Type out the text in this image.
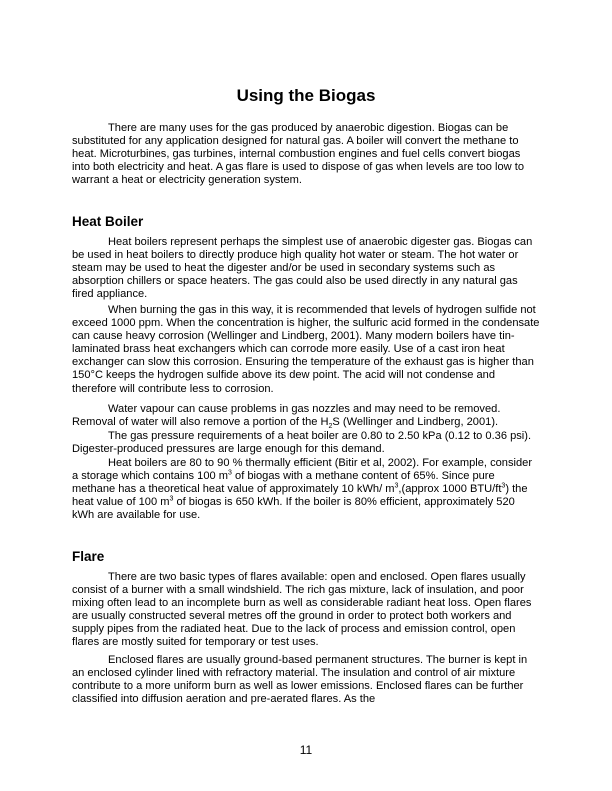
Using the Biogas

There are many uses for the gas produced by anaerobic digestion. Biogas can be substituted for any application designed for natural gas. A boiler will convert the methane to heat. Microturbines, gas turbines, internal combustion engines and fuel cells convert biogas into both electricity and heat. A gas flare is used to dispose of gas when levels are too low to warrant a heat or electricity generation system.

Heat Boiler

Heat boilers represent perhaps the simplest use of anaerobic digester gas. Biogas can be used in heat boilers to directly produce high quality hot water or steam. The hot water or steam may be used to heat the digester and/or be used in secondary systems such as absorption chillers or space heaters. The gas could also be used directly in any natural gas fired appliance.

When burning the gas in this way, it is recommended that levels of hydrogen sulfide not exceed 1000 ppm. When the concentration is higher, the sulfuric acid formed in the condensate can cause heavy corrosion (Wellinger and Lindberg, 2001). Many modern boilers have tin-laminated brass heat exchangers which can corrode more easily. Use of a cast iron heat exchanger can slow this corrosion. Ensuring the temperature of the exhaust gas is higher than 150°C keeps the hydrogen sulfide above its dew point. The acid will not condense and therefore will contribute less to corrosion.

Water vapour can cause problems in gas nozzles and may need to be removed. Removal of water will also remove a portion of the $H_2S$ (Wellinger and Lindberg, 2001).

The gas pressure requirements of a heat boiler are 0.80 to 2.50 kPa (0.12 to 0.36 psi). Digester-produced pressures are large enough for this demand.

Heat boilers are 80 to 90 % thermally efficient (Bitir et al, 2002). For example, consider a storage which contains 100 $m^3$ of biogas with a methane content of 65%. Since pure methane has a theoretical heat value of approximately 10 kWh/ $m^3,(approx$ 1000 BTU/$ft^3$) the heat value of 100 $m^3$ of biogas is 650 kWh. If the boiler is 80% efficient, approximately 520 kWh are available for use.

Flare

There are two basic types of flares available: open and enclosed. Open flares usually consist of a burner with a small windshield. The rich gas mixture, lack of insulation, and poor mixing often lead to an incomplete burn as well as considerable radiant heat loss. Open flares are usually constructed several metres off the ground in order to protect both workers and supply pipes from the radiated heat. Due to the lack of process and emission control, open flares are mostly suited for temporary or test uses.

Enclosed flares are usually ground-based permanent structures. The burner is kept in an enclosed cylinder lined with refractory material. The insulation and control of air mixture contribute to a more uniform burn as well as lower emissions. Enclosed flares can be further classified into diffusion aeration and pre-aerated flares. As the

11
